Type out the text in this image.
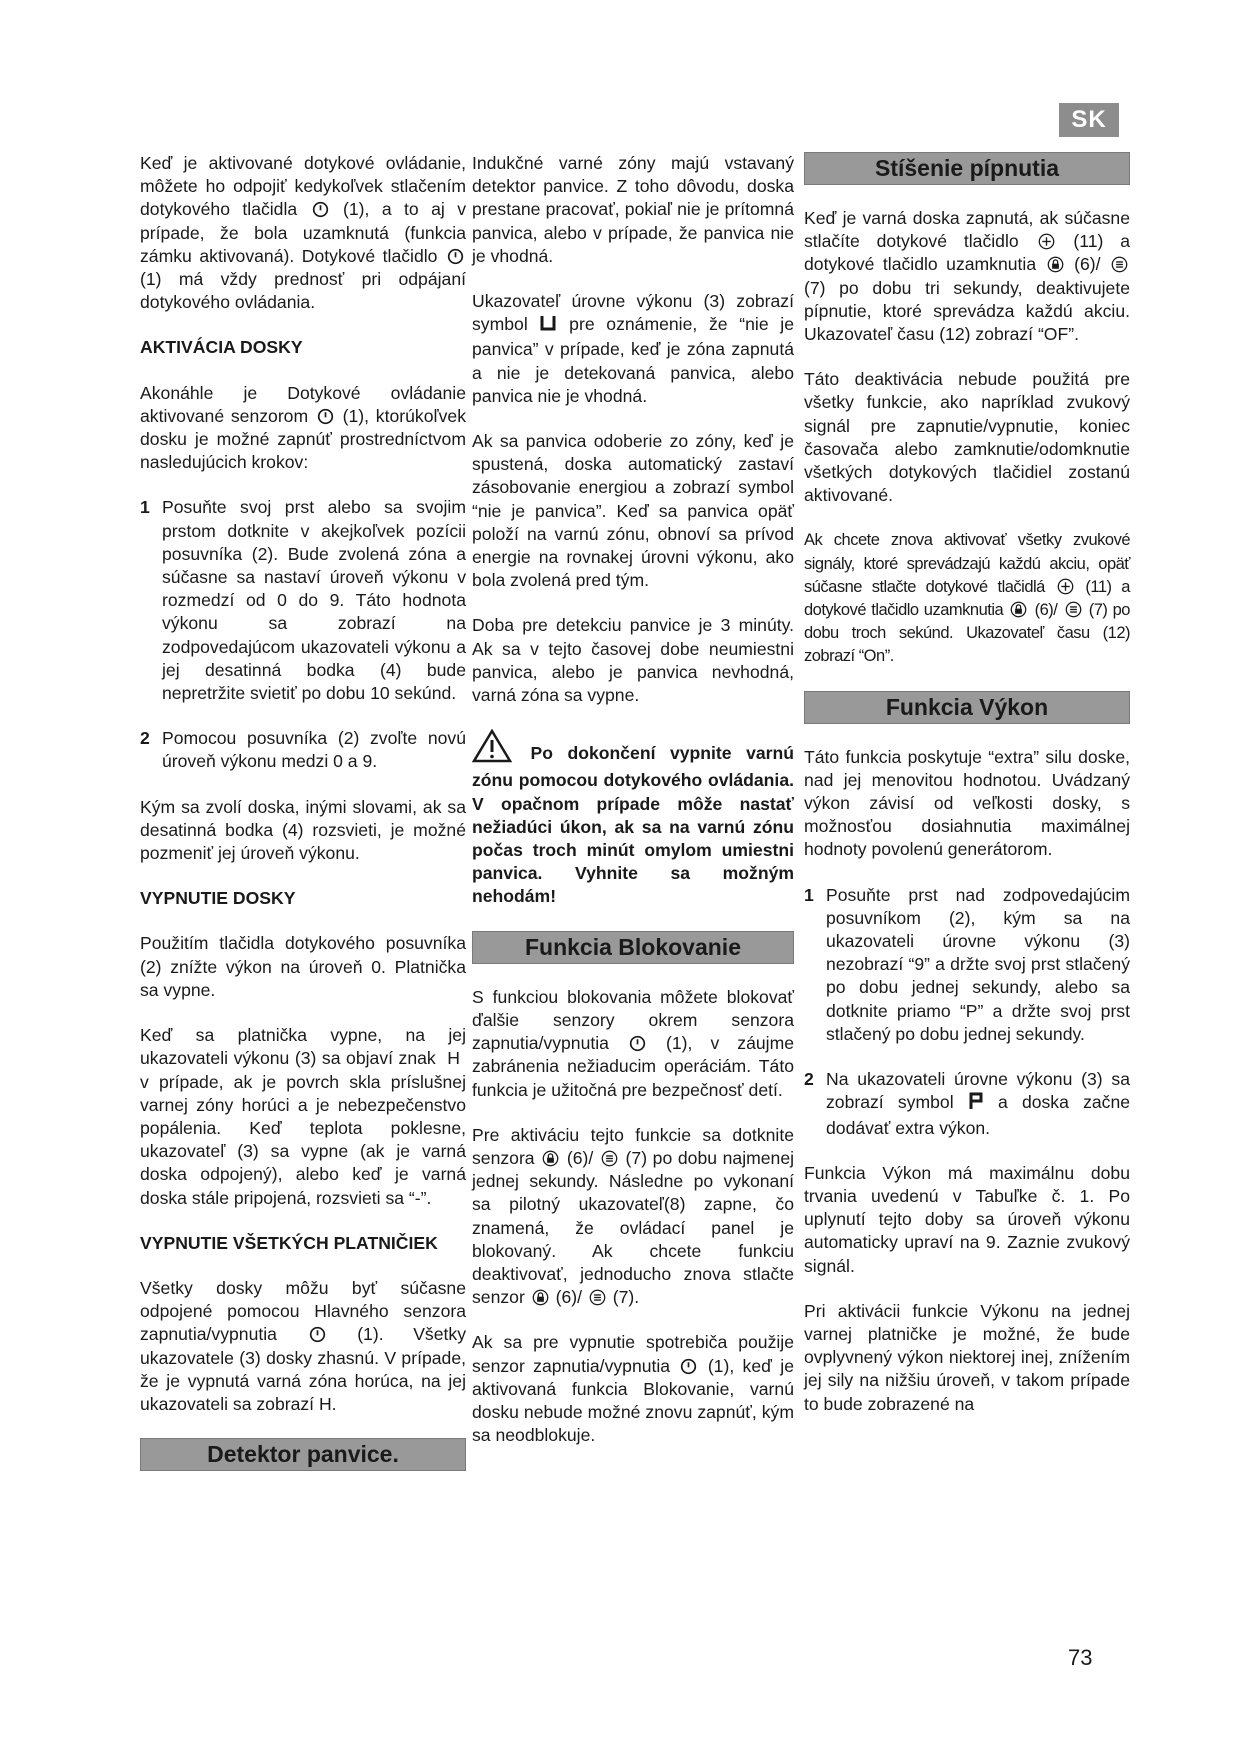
SK

Keď je aktivované dotykové ovládanie, môžete ho odpojiť kedykoľvek stlačením dotykového tlačidla	(1), a to aj v prípade, že bola uzamknutá (funkcia zámku aktivovaná). Dotykové tlačidlo
(1) má vždy prednosť pri odpájaní dotykového ovládania.

AKTIVÁCIA DOSKY

Akonáhle je Dotykové ovládanie aktivované senzorom (1), ktorúkoľvek dosku je možné zapnúť prostredníctvom nasledujúcich krokov:

1 Posuňte svoj prst alebo sa svojim prstom dotknite v akejkoľvek pozícii posuvníka (2). Bude zvolená zóna a súčasne sa nastaví úroveň výkonu v rozmedzí od 0 do 9. Táto hodnota výkonu sa zobrazí na zodpovedajúcom ukazovateli výkonu a jej desatinná bodka (4) bude nepretržite svietiť po dobu 10 sekúnd.
2 Pomocou posuvníka (2) zvoľte novú úroveň výkonu medzi 0 a 9.

Kým sa zvolí doska, inými slovami, ak sa desatinná bodka (4) rozsvieti, je možné pozmeniť jej úroveň výkonu.

VYPNUTIE DOSKY

Použitím tlačidla dotykového posuvníka (2) znížte výkon na úroveň 0. Platnička sa vypne.

Keď sa platnička vypne, na jej ukazovateli výkonu (3) sa objaví znak H v prípade, ak je povrch skla príslušnej varnej zóny horúci a je nebezpečenstvo popálenia. Keď teplota poklesne, ukazovateľ (3) sa vypne (ak je varná doska odpojený), alebo keď je varná doska stále pripojená, rozsvieti sa “-”.

VYPNUTIE VŠETKÝCH PLATNIČIEK

Všetky dosky môžu byť súčasne odpojené pomocou Hlavného senzora zapnutia/vypnutia	(1). Všetky ukazovatele (3) dosky zhasnú. V prípade, že je vypnutá varná zóna horúca, na jej ukazovateli sa zobrazí H.

Detektor panvice.

Indukčné varné zóny majú vstavaný detektor panvice. Z toho dôvodu, doska prestane pracovať, pokiaľ nie je prítomná panvica, alebo v prípade, že panvica nie je vhodná.

Ukazovateľ úrovne výkonu (3) zobrazí symbol pre oznámenie, že “nie je panvica” v prípade, keď je zóna zapnutá a nie je detekovaná panvica, alebo panvica nie je vhodná.

Ak sa panvica odoberie zo zóny, keď je spustená, doska automatický zastaví zásobovanie energiou a zobrazí symbol “nie je panvica”. Keď sa panvica opäť položí na varnú zónu, obnoví sa prívod energie na rovnakej úrovni výkonu, ako bola zvolená pred tým.

Doba pre detekciu panvice je 3 minúty. Ak sa v tejto časovej dobe neumiestni panvica, alebo je panvica nevhodná, varná zóna sa vypne.

Po dokončení vypnite varnú zónu pomocou dotykového ovládania. V opačnom prípade môže nastať nežiadúci úkon, ak sa na varnú zónu počas troch minút omylom umiestni panvica. Vyhnite sa možným nehodám!

Funkcia Blokovanie

S funkciou blokovania môžete blokovať ďalšie senzory okrem senzora zapnutia/vypnutia	(1), v záujme zabránenia nežiaducim operáciám. Táto funkcia je užitočná pre bezpečnosť detí.

Pre aktiváciu tejto funkcie sa dotknite senzora (6)/ (7) po dobu najmenej jednej sekundy. Následne po vykonaní sa pilotný ukazovateľ(8) zapne, čo znamená, že ovládací panel je blokovaný. Ak chcete funkciu deaktivovať, jednoducho znova stlačte senzor (6)/ (7).

Ak sa pre vypnutie spotrebiča použije senzor zapnutia/vypnutia (1), keď je aktivovaná funkcia Blokovanie, varnú dosku nebude možné znovu zapnúť, kým sa neodblokuje.

Stíšenie pípnutia

Keď je varná doska zapnutá, ak súčasne stlačíte dotykové tlačidlo	(11) a dotykové tlačidlo uzamknutia (6)/
(7) po dobu tri sekundy, deaktivujete pípnutie, ktoré sprevádza každú akciu. Ukazovateľ času (12) zobrazí “OF”.

Táto deaktivácia nebude použitá pre všetky funkcie, ako napríklad zvukový signál pre zapnutie/vypnutie, koniec časovača alebo zamknutie/odomknutie všetkých dotykových tlačidiel zostanú aktivované.

Ak chcete znova aktivovať všetky zvukové signály, ktoré sprevádzajú každú akciu, opäť súčasne stlačte dotykové tlačidlá (11) a dotykové tlačidlo uzamknutia (6)/ (7) po dobu troch sekúnd. Ukazovateľ času (12) zobrazí “On”.

Funkcia Výkon

Táto funkcia poskytuje “extra” silu doske, nad jej menovitou hodnotou. Uvádzaný výkon závisí od veľkosti dosky, s možnosťou dosiahnutia maximálnej hodnoty povolenú generátorom.

1 Posuňte prst nad zodpovedajúcim posuvníkom (2), kým sa na ukazovateli úrovne výkonu (3) nezobrazí “9” a držte svoj prst stlačený po dobu jednej sekundy, alebo sa dotknite priamo “P” a držte svoj prst stlačený po dobu jednej sekundy.
2 Na ukazovateli úrovne výkonu (3) sa zobrazí symbol	a doska začne dodávať extra výkon.

Funkcia Výkon má maximálnu dobu trvania uvedenú v Tabuľke č. 1. Po uplynutí tejto doby sa úroveň výkonu automaticky upraví na 9. Zaznie zvukový signál.

Pri aktivácii funkcie Výkonu na jednej varnej platničke je možné, že bude ovplyvnený výkon niektorej inej, znížením jej sily na nižšiu úroveň, v takom prípade to bude zobrazené na

73
